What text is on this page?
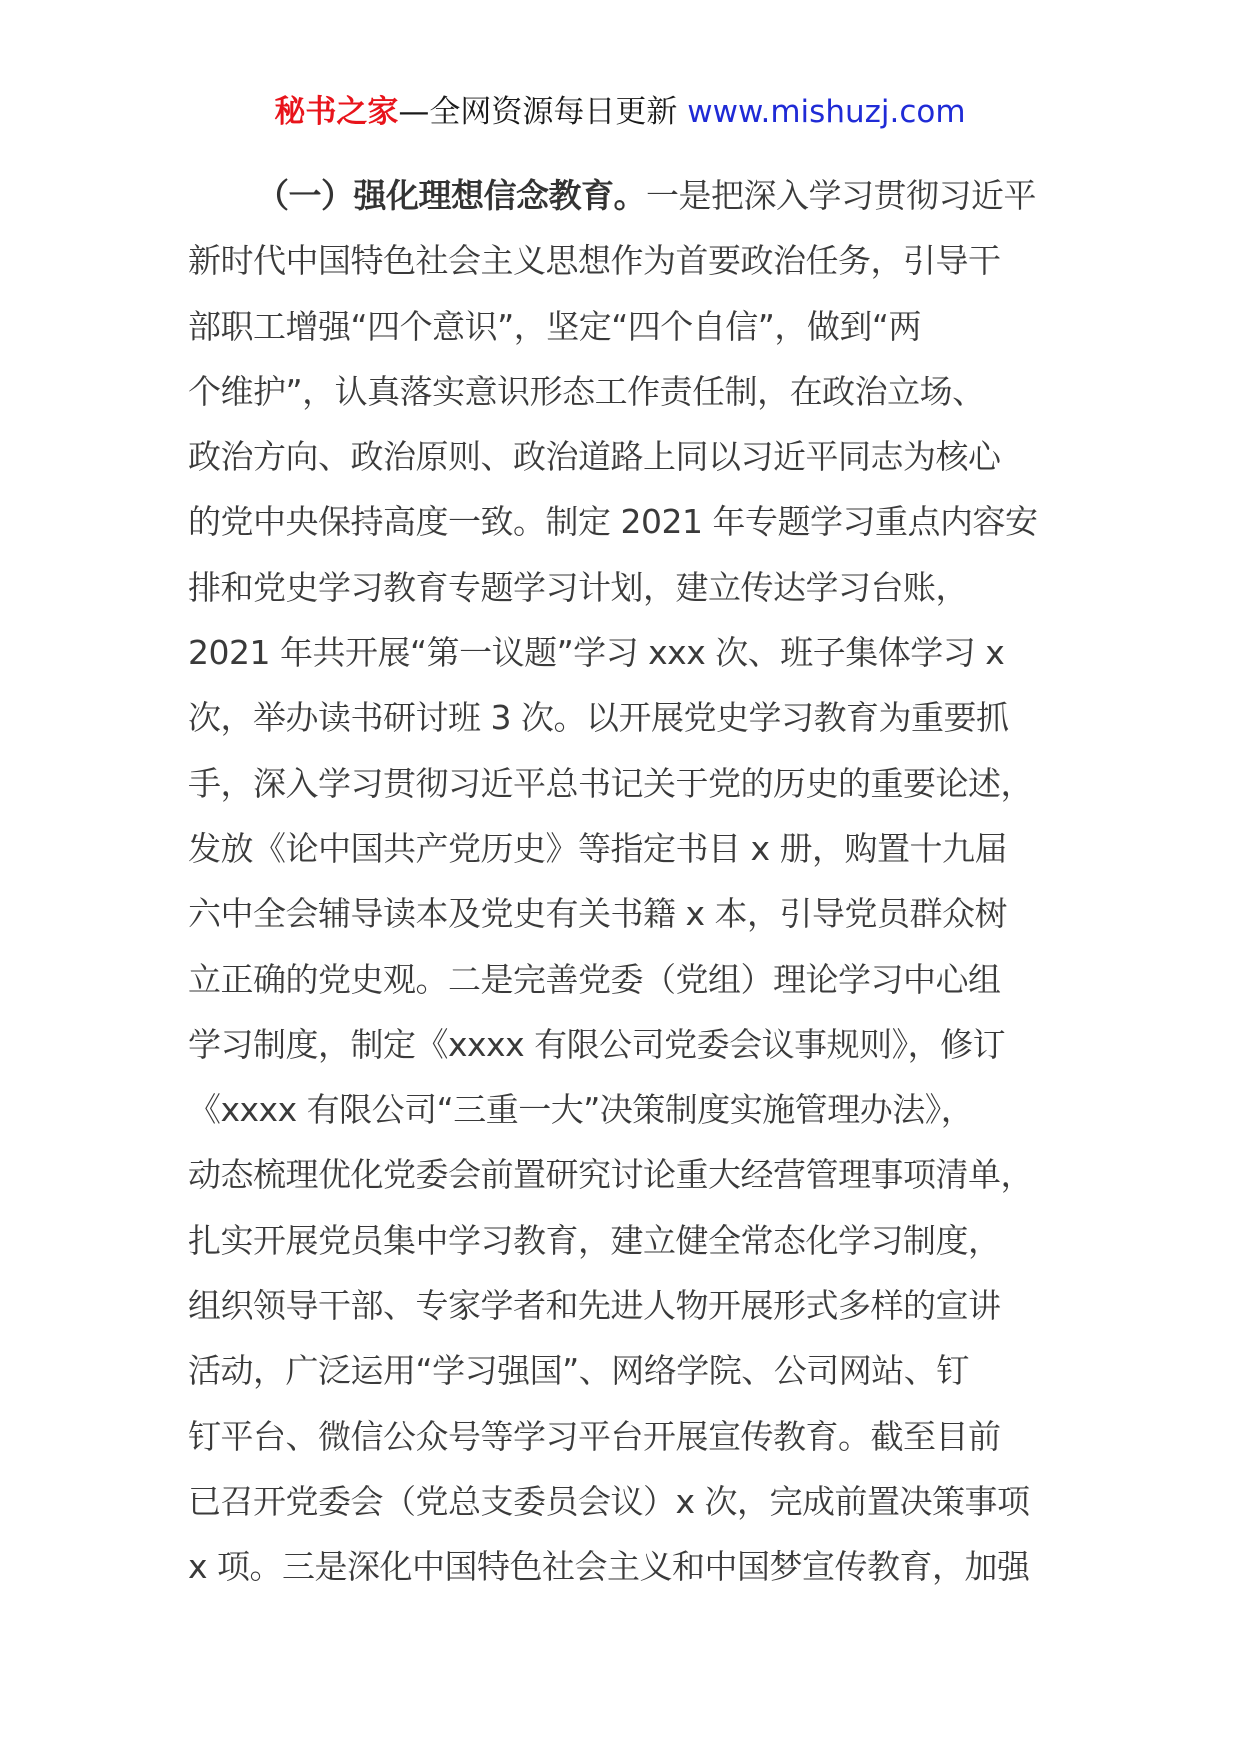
秘书之家—全网资源每日更新 www.mishuzj.com
（一）强化理想信念教育。一是把深入学习贯彻习近平
新时代中国特色社会主义思想作为首要政治任务，引导干
部职工增强“四个意识”，坚定“四个自信”，做到“两
个维护”，认真落实意识形态工作责任制，在政治立场、
政治方向、政治原则、政治道路上同以习近平同志为核心
的党中央保持高度一致。制定 2021 年专题学习重点内容安
排和党史学习教育专题学习计划，建立传达学习台账，
2021 年共开展“第一议题”学习 xxx 次、班子集体学习 x
次，举办读书研讨班 3 次。以开展党史学习教育为重要抓
手，深入学习贯彻习近平总书记关于党的历史的重要论述，
发放《论中国共产党历史》等指定书目 x 册，购置十九届
六中全会辅导读本及党史有关书籍 x 本，引导党员群众树
立正确的党史观。二是完善党委（党组）理论学习中心组
学习制度，制定《xxxx 有限公司党委会议事规则》，修订
《xxxx 有限公司“三重一大”决策制度实施管理办法》，
动态梳理优化党委会前置研究讨论重大经营管理事项清单，
扎实开展党员集中学习教育，建立健全常态化学习制度，
组织领导干部、专家学者和先进人物开展形式多样的宣讲
活动，广泛运用“学习强国”、网络学院、公司网站、钉
钉平台、微信公众号等学习平台开展宣传教育。截至目前
已召开党委会（党总支委员会议）x 次，完成前置决策事项
x 项。三是深化中国特色社会主义和中国梦宣传教育，加强
